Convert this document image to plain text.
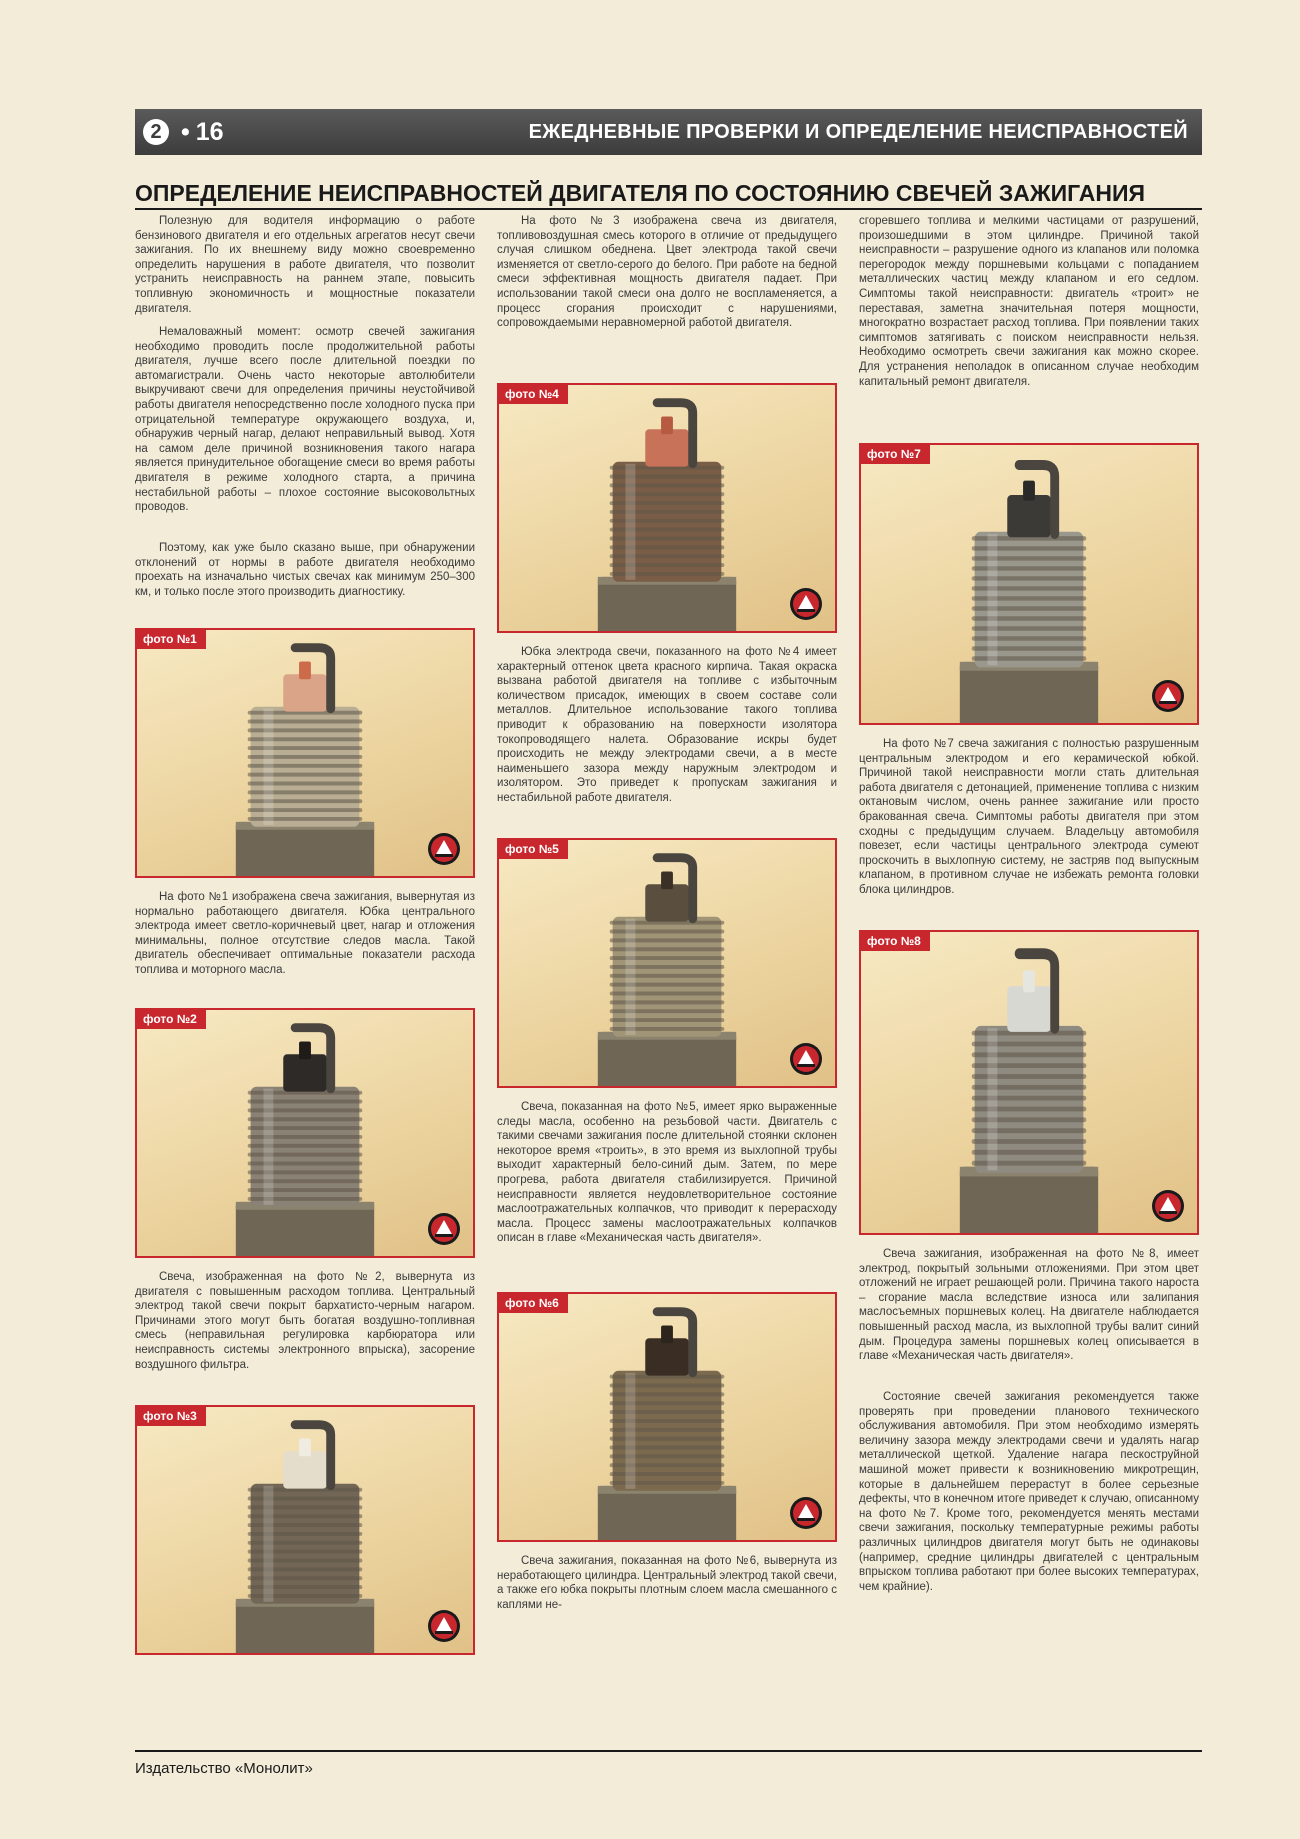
2 • 16	ЕЖЕДНЕВНЫЕ ПРОВЕРКИ И ОПРЕДЕЛЕНИЕ НЕИСПРАВНОСТЕЙ
ОПРЕДЕЛЕНИЕ НЕИСПРАВНОСТЕЙ ДВИГАТЕЛЯ ПО СОСТОЯНИЮ СВЕЧЕЙ ЗАЖИГАНИЯ

Полезную для водителя информацию о работе бензинового двигателя и его отдельных агрегатов несут свечи зажигания. По их внешнему виду можно своевременно определить нарушения в работе двигателя, что позволит устранить неисправность на раннем этапе, повысить топливную экономичность и мощностные показатели двигателя.

Немаловажный момент: осмотр свечей зажигания необходимо проводить после продолжительной работы двигателя, лучше всего после длительной поездки по автомагистрали. Очень часто некоторые автолюбители выкручивают свечи для определения причины неустойчивой работы двигателя непосредственно после холодного пуска при отрицательной температуре окружающего воздуха, и, обнаружив черный нагар, делают неправильный вывод. Хотя на самом деле причиной возникновения такого нагара является принудительное обогащение смеси во время работы двигателя в режиме холодного старта, а причина нестабильной работы – плохое состояние высоковольтных проводов.

Поэтому, как уже было сказано выше, при обнаружении отклонений от нормы в работе двигателя необходимо проехать на изначально чистых свечах как минимум 250–300 км, и только после этого производить диагностику.

фото №1

На фото №1 изображена свеча зажигания, вывернутая из нормально работающего двигателя. Юбка центрального электрода имеет светло-коричневый цвет, нагар и отложения минимальны, полное отсутствие следов масла. Такой двигатель обеспечивает оптимальные показатели расхода топлива и моторного масла.

фото №2

Свеча, изображенная на фото №2, вывернута из двигателя с повышенным расходом топлива. Центральный электрод такой свечи покрыт бархатисто-черным нагаром. Причинами этого могут быть богатая воздушно-топливная смесь (неправильная регулировка карбюратора или неисправность системы электронного впрыска), засорение воздушного фильтра.

фото №3

На фото №3 изображена свеча из двигателя, топливовоздушная смесь которого в отличие от предыдущего случая слишком обеднена. Цвет электрода такой свечи изменяется от светло-серого до белого. При работе на бедной смеси эффективная мощность двигателя падает. При использовании такой смеси она долго не воспламеняется, а процесс сгорания происходит с нарушениями, сопровождаемыми неравномерной работой двигателя.

фото №4

Юбка электрода свечи, показанного на фото №4 имеет характерный оттенок цвета красного кирпича. Такая окраска вызвана работой двигателя на топливе с избыточным количеством присадок, имеющих в своем составе соли металлов. Длительное использование такого топлива приводит к образованию на поверхности изолятора токопроводящего налета. Образование искры будет происходить не между электродами свечи, а в месте наименьшего зазора между наружным электродом и изолятором. Это приведет к пропускам зажигания и нестабильной работе двигателя.

фото №5

Свеча, показанная на фото №5, имеет ярко выраженные следы масла, особенно на резьбовой части. Двигатель с такими свечами зажигания после длительной стоянки склонен некоторое время «троить», в это время из выхлопной трубы выходит характерный бело-синий дым. Затем, по мере прогрева, работа двигателя стабилизируется. Причиной неисправности является неудовлетворительное состояние маслоотражательных колпачков, что приводит к перерасходу масла. Процесс замены маслоотражательных колпачков описан в главе «Механическая часть двигателя».

фото №6

Свеча зажигания, показанная на фото №6, вывернута из неработающего цилиндра. Центральный электрод такой свечи, а также его юбка покрыты плотным слоем масла смешанного с каплями не-

сгоревшего топлива и мелкими частицами от разрушений, произошедшими в этом цилиндре. Причиной такой неисправности – разрушение одного из клапанов или поломка перегородок между поршневыми кольцами с попаданием металлических частиц между клапаном и его седлом. Симптомы такой неисправности: двигатель «троит» не переставая, заметна значительная потеря мощности, многократно возрастает расход топлива. При появлении таких симптомов затягивать с поиском неисправности нельзя. Необходимо осмотреть свечи зажигания как можно скорее. Для устранения неполадок в описанном случае необходим капитальный ремонт двигателя.

фото №7

На фото №7 свеча зажигания с полностью разрушенным центральным электродом и его керамической юбкой. Причиной такой неисправности могли стать длительная работа двигателя с детонацией, применение топлива с низким октановым числом, очень раннее зажигание или просто бракованная свеча. Симптомы работы двигателя при этом сходны с предыдущим случаем. Владельцу автомобиля повезет, если частицы центрального электрода сумеют проскочить в выхлопную систему, не застряв под выпускным клапаном, в противном случае не избежать ремонта головки блока цилиндров.

фото №8

Свеча зажигания, изображенная на фото №8, имеет электрод, покрытый зольными отложениями. При этом цвет отложений не играет решающей роли. Причина такого нароста – сгорание масла вследствие износа или залипания маслосъемных поршневых колец. На двигателе наблюдается повышенный расход масла, из выхлопной трубы валит синий дым. Процедура замены поршневых колец описывается в главе «Механическая часть двигателя».

Состояние свечей зажигания рекомендуется также проверять при проведении планового технического обслуживания автомобиля. При этом необходимо измерять величину зазора между электродами свечи и удалять нагар металлической щеткой. Удаление нагара пескоструйной машиной может привести к возникновению микротрещин, которые в дальнейшем перерастут в более серьезные дефекты, что в конечном итоге приведет к случаю, описанному на фото №7. Кроме того, рекомендуется менять местами свечи зажигания, поскольку температурные режимы работы различных цилиндров двигателя могут быть не одинаковы (например, средние цилиндры двигателей с центральным впрыском топлива работают при более высоких температурах, чем крайние).

Издательство «Монолит»
